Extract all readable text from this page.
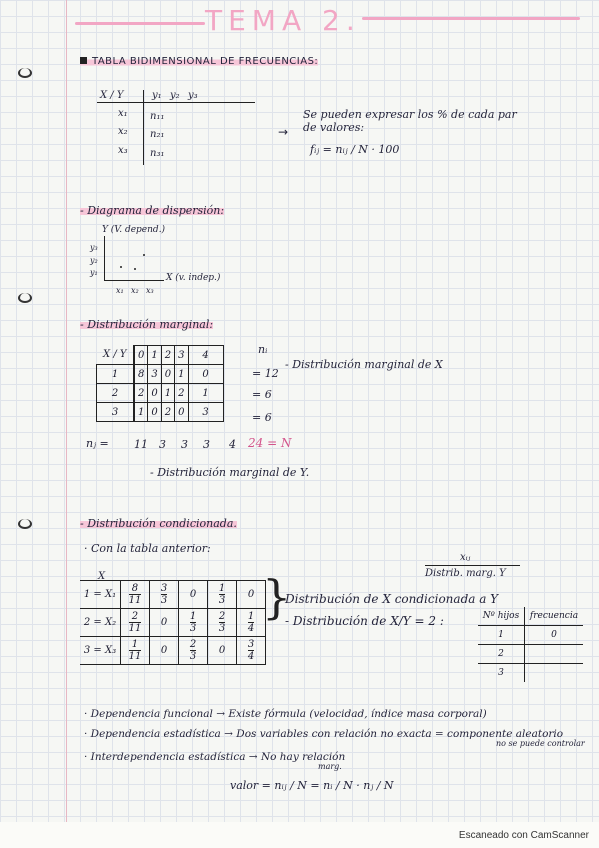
TEMA 2.
TABLA BIDIMENSIONAL DE FRECUENCIAS:
X / Y	y₁ y₂ y₃
x₁ n₁₁
x₂ n₂₁
x₃ n₃₁
→
Se pueden expresar los % de cada par
de valores:
fᵢⱼ = nᵢⱼ / N · 100
- Diagrama de dispersión:
Y (V. depend.)
X (v. indep.)
y₃
y₂
y₁
x₁ x₂ x₃
- Distribución marginal:
nᵢ
X / Y	0	1	2	3	4
1	8	3	0	1	0
2	2	0	1	2	1
3	1	0	2	0	3
= 12
= 6
= 6
- Distribución marginal de X
nⱼ = 11 3 3 3 4 24 = N
- Distribución marginal de Y.
- Distribución condicionada.
· Con la tabla anterior:
X
xᵢⱼ
Distrib. marg. Y
1 = X₁	$\frac{8}{11}$	$\frac{3}{3}$	0	$\frac{1}{3}$	0
2 = X₂	$\frac{2}{11}$	0	$\frac{1}{3}$	$\frac{2}{3}$	$\frac{1}{4}$

3 = X₃	$\frac{1}{11}$	0	$\frac{2}{3}$	0	$\frac{3}{4}$
}
Distribución de X condicionada a Y
- Distribución de X/Y = 2 :	Nº hijos	frecuencia
1	0
2	
3	
· Dependencia funcional → Existe fórmula (velocidad, índice masa corporal)
· Dependencia estadística → Dos variables con relación no exacta = componente aleatorio
no se puede controlar
· Interdependencia estadística → No hay relación
marg.
valor = nᵢⱼ / N = nᵢ / N · nⱼ / N
Escaneado con CamScanner
